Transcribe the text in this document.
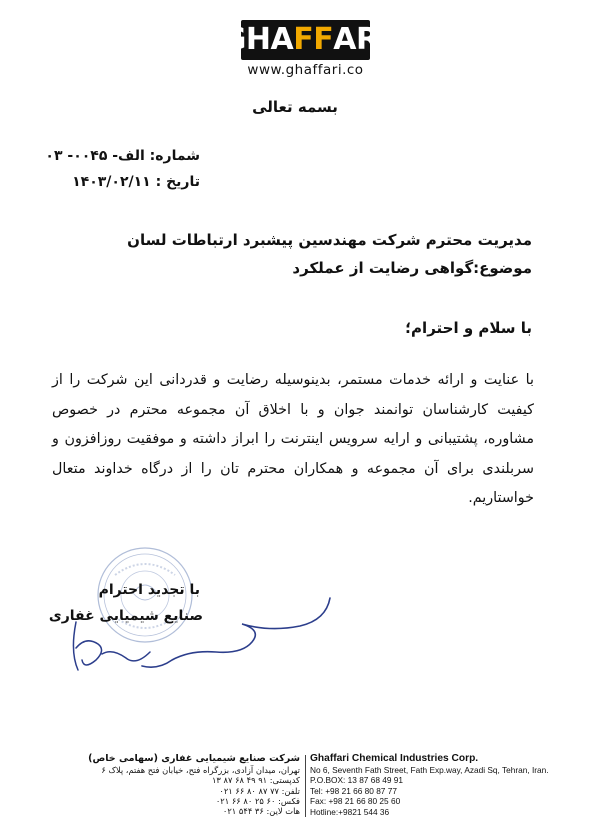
GHA FF ARI
www.ghaffari.co
بسمه تعالی
شماره: الف- ۰۰۴۵- ۰۳
تاریخ : ۱۴۰۳/۰۲/۱۱
مدیریت محترم شرکت مهندسین پیشبرد ارتباطات لسان
موضوع:گواهی رضایت از عملکرد
با سلام و احترام؛
با عنایت و ارائه خدمات مستمر، بدینوسیله رضایت و قدردانی این شرکت را از کیفیت کارشناسان توانمند جوان و با اخلاق آن مجموعه محترم در خصوص مشاوره، پشتیبانی و ارایه سرویس اینترنت را ابراز داشته و موفقیت روزافزون و سربلندی برای آن مجموعه و همکاران محترم تان را از درگاه خداوند متعال خواستاریم.
با تجدید احترام
صنایع شیمیایی غفاری
شرکت صنایع شیمیایی غفاری (سهامی خاص)
تهران، میدان آزادی، بزرگراه فتح، خیابان فتح هفتم، پلاک ۶
کدپستی: ۹۱ ۴۹ ۶۸ ۸۷ ۱۳
تلفن: ۷۷ ۸۷ ۸۰ ۶۶ ۰۲۱
فکس: ۶۰ ۲۵ ۸۰ ۶۶ ۰۲۱
هات لاین: ۳۶ ۵۴۴ ۰۲۱
Ghaffari Chemical Industries Corp.
No 6, Seventh Fath Street, Fath Exp.way, Azadi Sq, Tehran, Iran.
P.O.BOX: 13 87 68 49 91
Tel: +98 21 66 80 87 77
Fax: +98 21 66 80 25 60
Hotline:+9821 544 36
